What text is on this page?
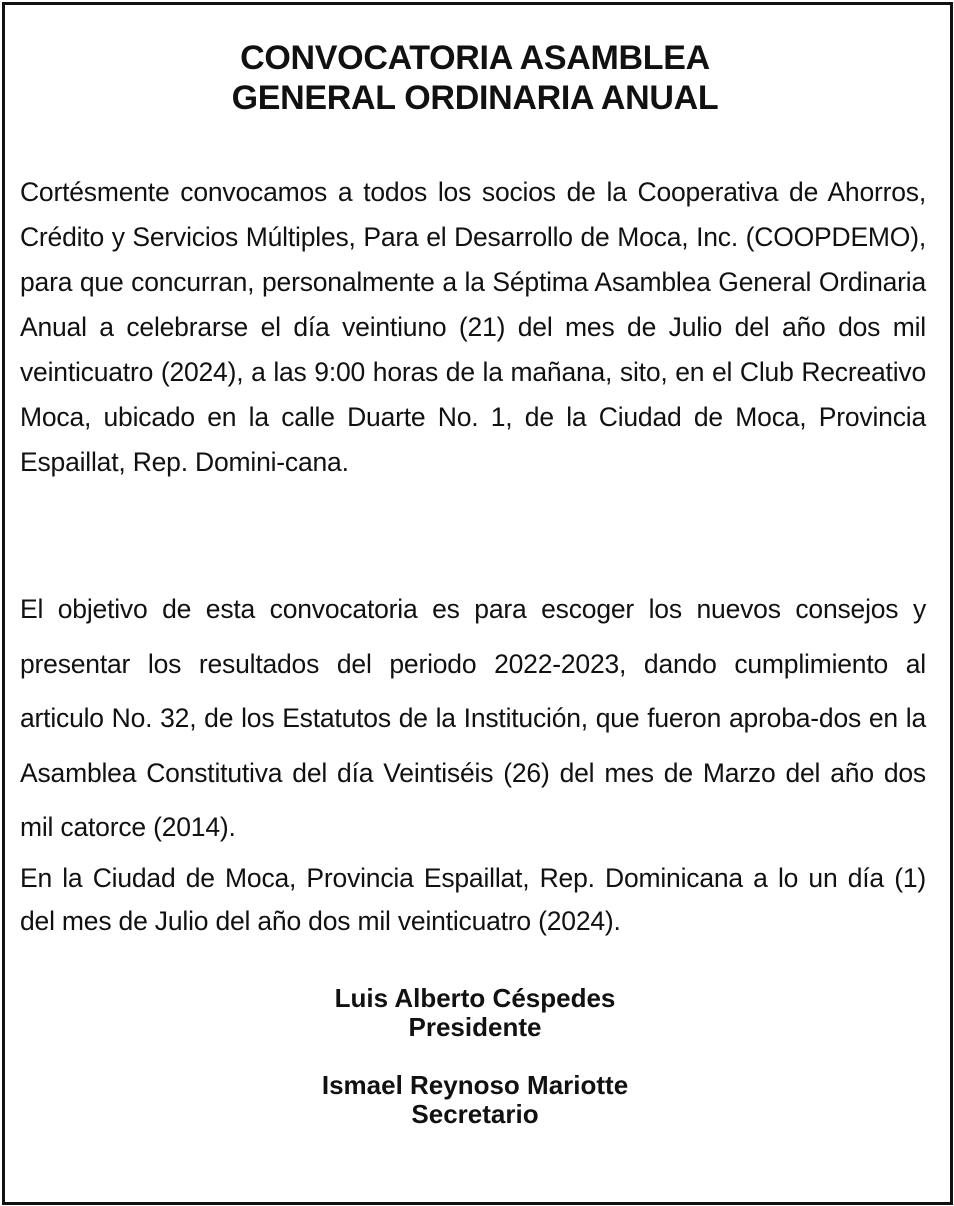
CONVOCATORIA ASAMBLEA
GENERAL ORDINARIA ANUAL
Cortésmente convocamos a todos los socios de la Cooperativa de Ahorros, Crédito y Servicios Múltiples, Para el Desarrollo de Moca, Inc. (COOPDEMO), para que concurran, personalmente a la Séptima Asamblea General Ordinaria Anual a celebrarse el día veintiuno (21) del mes de Julio del año dos mil veinticuatro (2024), a las 9:00 horas de la mañana, sito, en el Club Recreativo Moca, ubicado en la calle Duarte No. 1, de la Ciudad de Moca, Provincia Espaillat, Rep. Domini-cana.
El objetivo de esta convocatoria es para escoger los nuevos consejos y presentar los resultados del periodo 2022-2023, dando cumplimiento al articulo No. 32, de los Estatutos de la Institución, que fueron aproba-dos en la Asamblea Constitutiva del día Veintiséis (26) del mes de Marzo del año dos mil catorce (2014).
En la Ciudad de Moca, Provincia Espaillat, Rep. Dominicana a lo un día (1) del mes de Julio del año dos mil veinticuatro (2024).
Luis Alberto Céspedes
Presidente
Ismael Reynoso Mariotte
Secretario
